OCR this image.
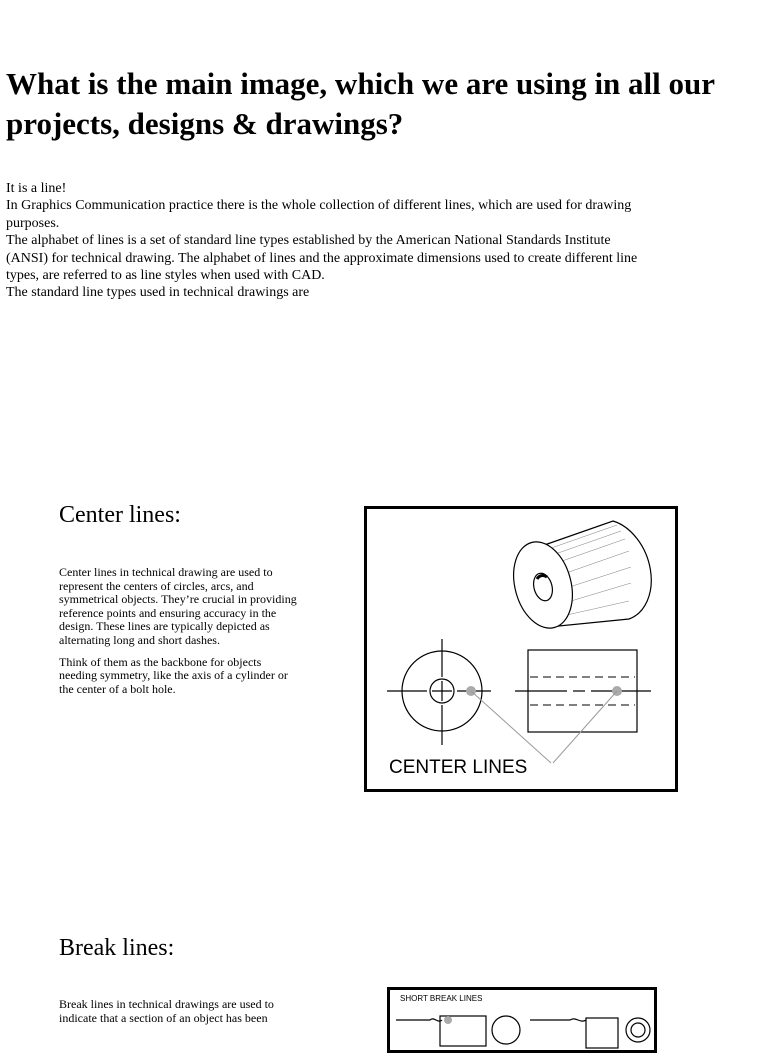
What is the main image, which we are using in all our projects, designs & drawings?

It is a line!

In Graphics Communication practice there is the whole collection of different lines, which are used for drawing purposes.

The alphabet of lines is a set of standard line types established by the American National Standards Institute (ANSI) for technical drawing. The alphabet of lines and the approximate dimensions used to create different line types, are referred to as line styles when used with CAD.

The standard line types used in technical drawings are

Center lines:

Center lines in technical drawing are used to represent the centers of circles, arcs, and symmetrical objects. They’re crucial in providing reference points and ensuring accuracy in the design. These lines are typically depicted as alternating long and short dashes.

Think of them as the backbone for objects needing symmetry, like the axis of a cylinder or the center of a bolt hole.

CENTER LINES
Break lines:

Break lines in technical drawings are used to indicate that a section of an object has been

SHORT BREAK LINES
